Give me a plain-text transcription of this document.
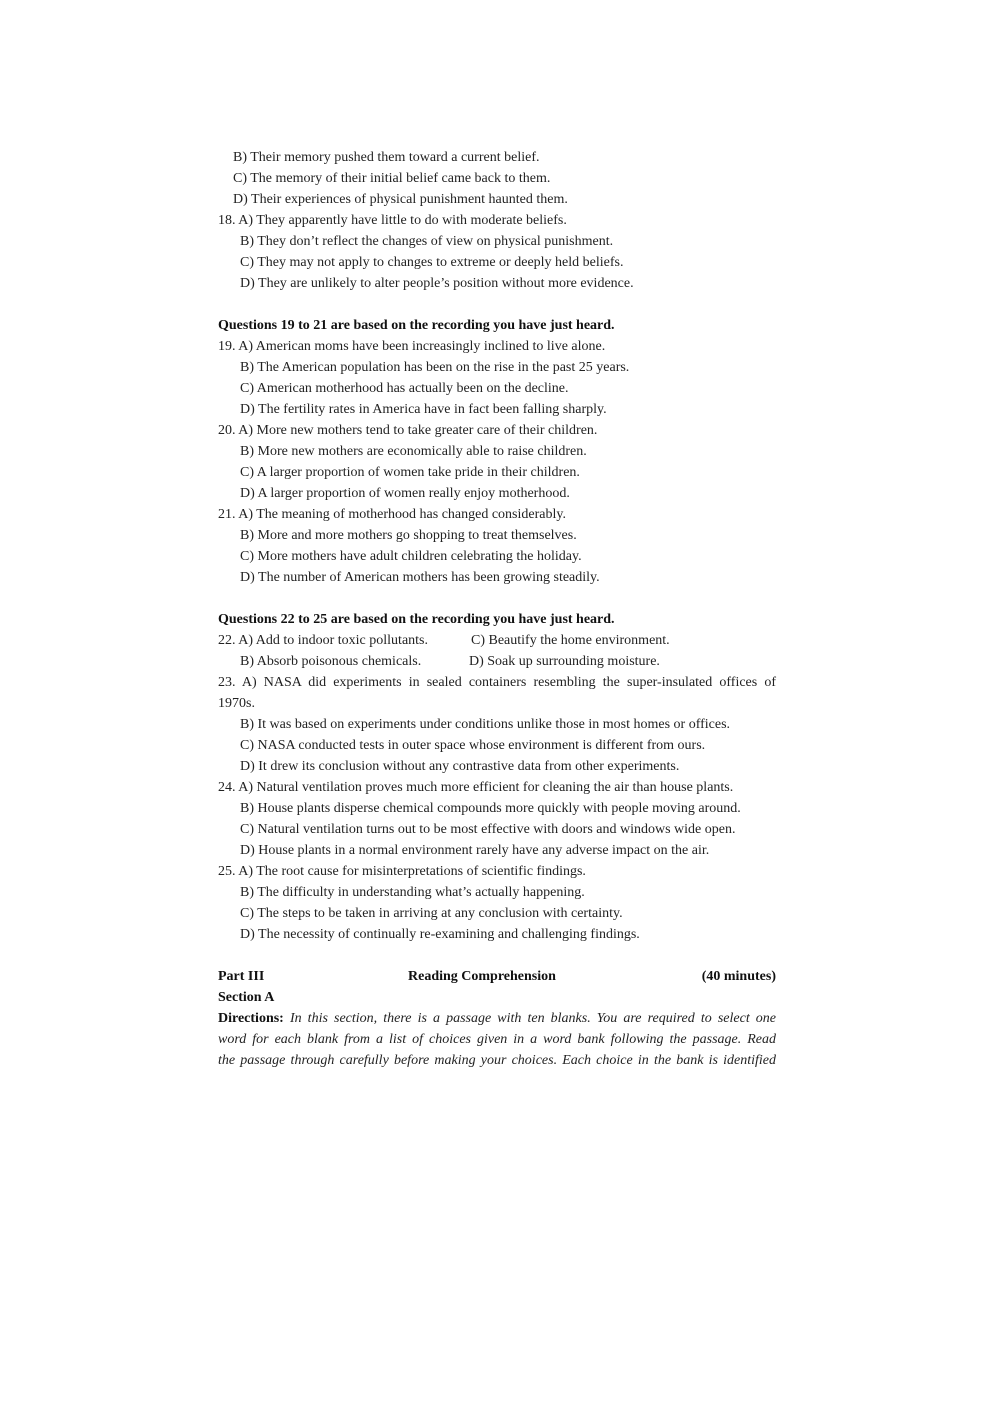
B) Their memory pushed them toward a current belief.
C) The memory of their initial belief came back to them.
D) Their experiences of physical punishment haunted them.
18. A) They apparently have little to do with moderate beliefs.
B) They don’t reflect the changes of view on physical punishment.
C) They may not apply to changes to extreme or deeply held beliefs.
D) They are unlikely to alter people’s position without more evidence.
Questions 19 to 21 are based on the recording you have just heard.
19. A) American moms have been increasingly inclined to live alone.
B) The American population has been on the rise in the past 25 years.
C) American motherhood has actually been on the decline.
D) The fertility rates in America have in fact been falling sharply.
20. A) More new mothers tend to take greater care of their children.
B) More new mothers are economically able to raise children.
C) A larger proportion of women take pride in their children.
D) A larger proportion of women really enjoy motherhood.
21. A) The meaning of motherhood has changed considerably.
B) More and more mothers go shopping to treat themselves.
C) More mothers have adult children celebrating the holiday.
D) The number of American mothers has been growing steadily.
Questions 22 to 25 are based on the recording you have just heard.
22. A) Add to indoor toxic pollutants.	C) Beautify the home environment.
B) Absorb poisonous chemicals.	D) Soak up surrounding moisture.
23. A) NASA did experiments in sealed containers resembling the super-insulated offices of
1970s.
B) It was based on experiments under conditions unlike those in most homes or offices.
C) NASA conducted tests in outer space whose environment is different from ours.
D) It drew its conclusion without any contrastive data from other experiments.
24. A) Natural ventilation proves much more efficient for cleaning the air than house plants.
B) House plants disperse chemical compounds more quickly with people moving around.
C) Natural ventilation turns out to be most effective with doors and windows wide open.
D) House plants in a normal environment rarely have any adverse impact on the air.
25. A) The root cause for misinterpretations of scientific findings.
B) The difficulty in understanding what’s actually happening.
C) The steps to be taken in arriving at any conclusion with certainty.
D) The necessity of continually re-examining and challenging findings.
Part III	Reading Comprehension	(40 minutes)
Section A
Directions: In this section, there is a passage with ten blanks. You are required to select one
word for each blank from a list of choices given in a word bank following the passage. Read
the passage through carefully before making your choices. Each choice in the bank is identified
